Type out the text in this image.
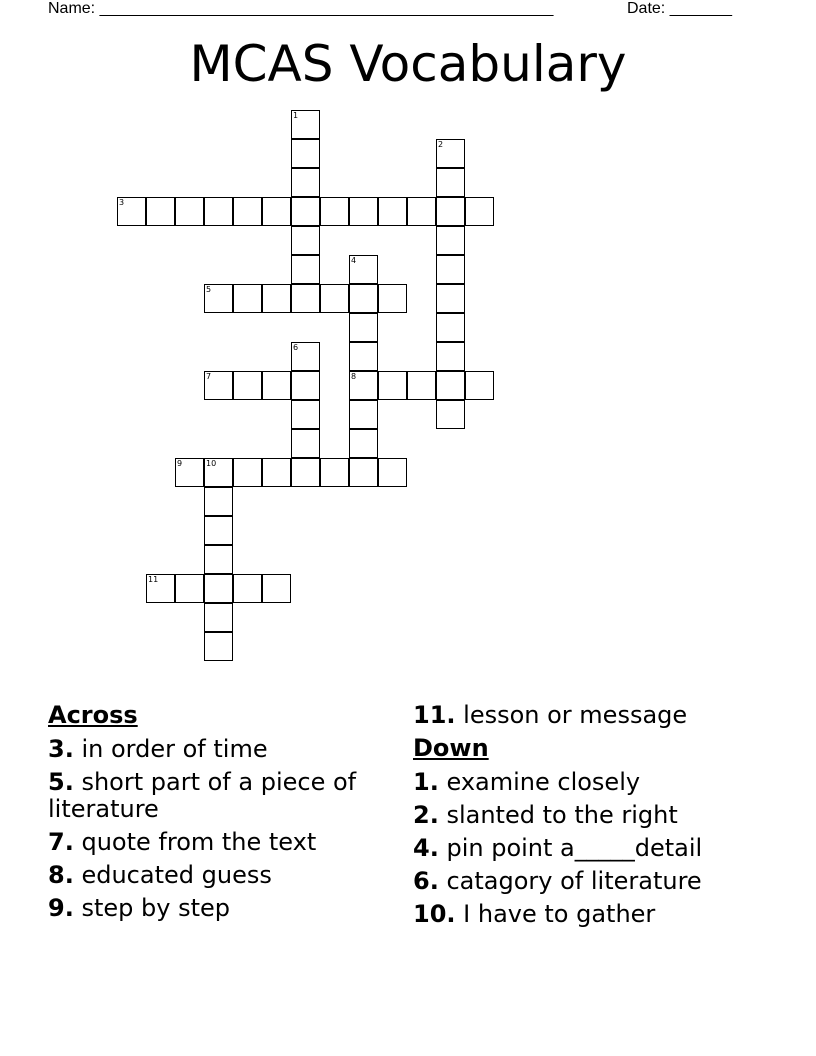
Name: ___________________________________________________	Date: _______
MCAS Vocabulary
1
2
3
4
8
5
6
7
9	10
11
Across
3. in order of time
5. short part of a piece of literature
7. quote from the text
8. educated guess
9. step by step
11. lesson or message
Down
1. examine closely
2. slanted to the right
4. pin point a_____detail
6. catagory of literature
10. I have to gather
